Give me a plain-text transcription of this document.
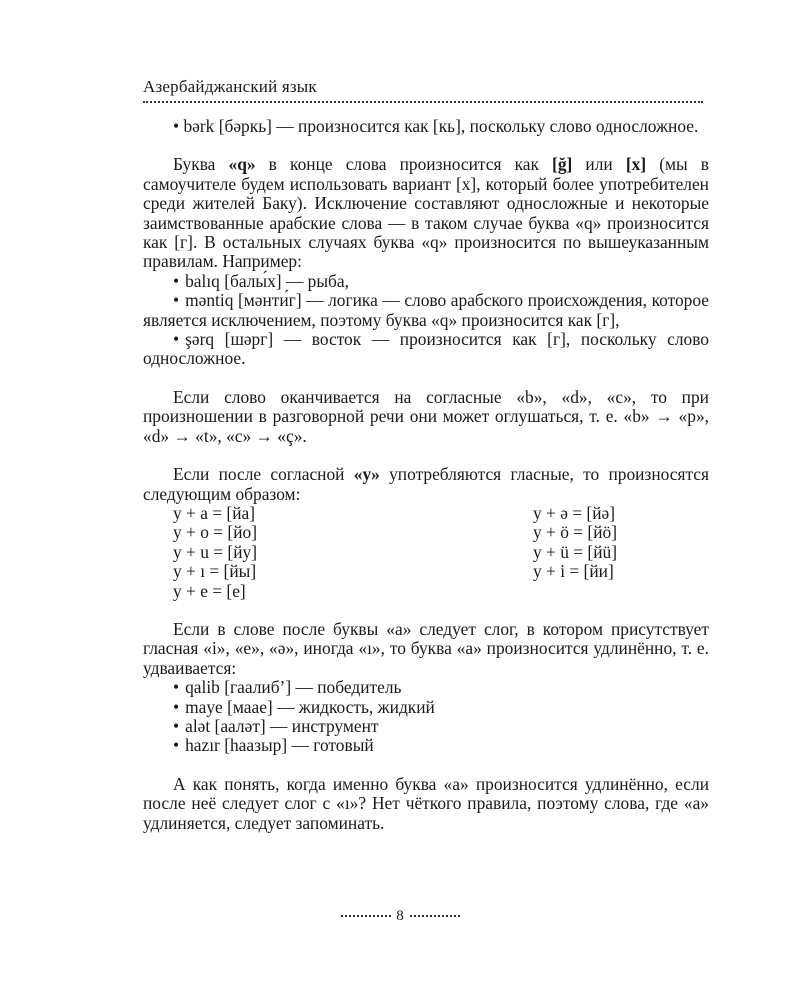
Азербайджанский язык

• bərk [бәркь] — произносится как [кь], поскольку слово односложное.

Буква «q» в конце слова произносится как [ğ] или [x] (мы в самоучителе будем использовать вариант [x], который более употребителен среди жителей Баку). Исключение составляют односложные и некоторые заимствованные арабские слова — в таком случае буква «q» произносится как [г]. В остальных случаях буква «q» произносится по вышеуказанным правилам. Например:

• balıq [балы́х] — рыба,
• məntiq [мәнти́г] — логика — слово арабского происхождения, которое является исключением, поэтому буква «q» произносится как [г],
• şərq [шәрг] — восток — произносится как [г], поскольку слово односложное.

Если слово оканчивается на согласные «b», «d», «c», то при произношении в разговорной речи они может оглушаться, т. е. «b» → «p», «d» → «t», «c» → «ç».

Если после согласной «y» употребляются гласные, то произносятся следующим образом:

y + a = [йа]	y + ə = [йә]
y + o = [йо]	y + ö = [йö]
y + u = [йу]	y + ü = [йü]
y + ı = [йы]	y + i = [йи]
y + e = [е]

Если в слове после буквы «a» следует слог, в котором присутствует гласная «i», «e», «ə», иногда «ı», то буква «a» произносится удлинённо, т. е. удваивается:

• qalib [гаалибʼ] — победитель
• maye [маае] — жидкость, жидкий
• alət [ааләт] — инструмент
• hazır [haазыр] — готовый

А как понять, когда именно буква «a» произносится удлинённо, если после неё следует слог с «ı»? Нет чёткого правила, поэтому слова, где «a» удлиняется, следует запоминать.

8
